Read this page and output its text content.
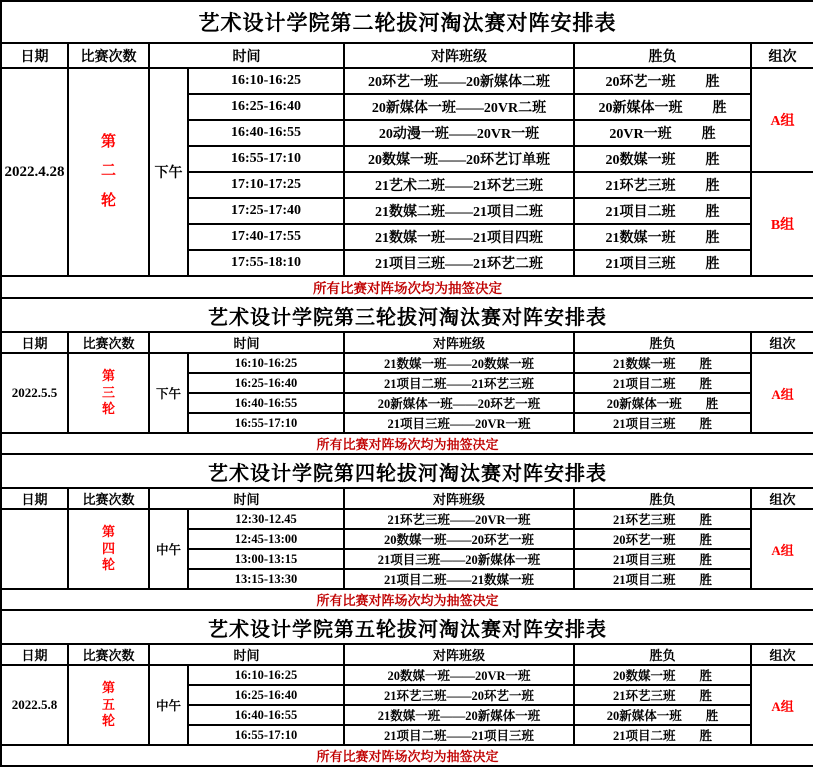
艺术设计学院第二轮拔河淘汰赛对阵安排表						
日期	比赛次数	时间		对阵班级	胜负	组次
2022.4.28	第二轮	下午	16:10-16:25	20环艺一班——20新媒体二班	20环艺一班 胜	A组
			16:25-16:40	20新媒体一班——20VR二班	20新媒体一班 胜	
			16:40-16:55	20动漫一班——20VR一班	20VR一班 胜	
			16:55-17:10	20数媒一班——20环艺订单班	20数媒一班 胜	
			17:10-17:25	21艺术二班——21环艺三班	21环艺三班 胜	B组
			17:25-17:40	21数媒二班——21项目二班	21项目二班 胜	
			17:40-17:55	21数媒一班——21项目四班	21数媒一班 胜	
			17:55-18:10	21项目三班——21环艺二班	21项目三班 胜	
所有比赛对阵场次均为抽签决定						
艺术设计学院第三轮拔河淘汰赛对阵安排表						
日期	比赛次数	时间		对阵班级	胜负	组次
2022.5.5	第三轮	下午	16:10-16:25	21数媒一班——20数媒一班	21数媒一班 胜	A组
			16:25-16:40	21项目二班——21环艺三班	21项目二班 胜	
			16:40-16:55	20新媒体一班——20环艺一班	20新媒体一班 胜	
			16:55-17:10	21项目三班——20VR一班	21项目三班 胜	
所有比赛对阵场次均为抽签决定						
艺术设计学院第四轮拔河淘汰赛对阵安排表						
日期	比赛次数	时间		对阵班级	胜负	组次

	第四轮	中午	12:30-12.45	21环艺三班——20VR一班	21环艺三班 胜	A组
			12:45-13:00	20数媒一班——20环艺一班	20环艺一班 胜	
			13:00-13:15	21项目三班——20新媒体一班	21项目三班 胜	
			13:15-13:30	21项目二班——21数媒一班	21项目二班 胜	
所有比赛对阵场次均为抽签决定						
艺术设计学院第五轮拔河淘汰赛对阵安排表						
日期	比赛次数	时间		对阵班级	胜负	组次
2022.5.8	第五轮	中午	16:10-16:25	20数媒一班——20VR一班	20数媒一班 胜	A组
			16:25-16:40	21环艺三班——20环艺一班	21环艺三班 胜	
			16:40-16:55	21数媒一班——20新媒体一班	20新媒体一班 胜	
			16:55-17:10	21项目二班——21项目三班	21项目二班 胜	
所有比赛对阵场次均为抽签决定						
